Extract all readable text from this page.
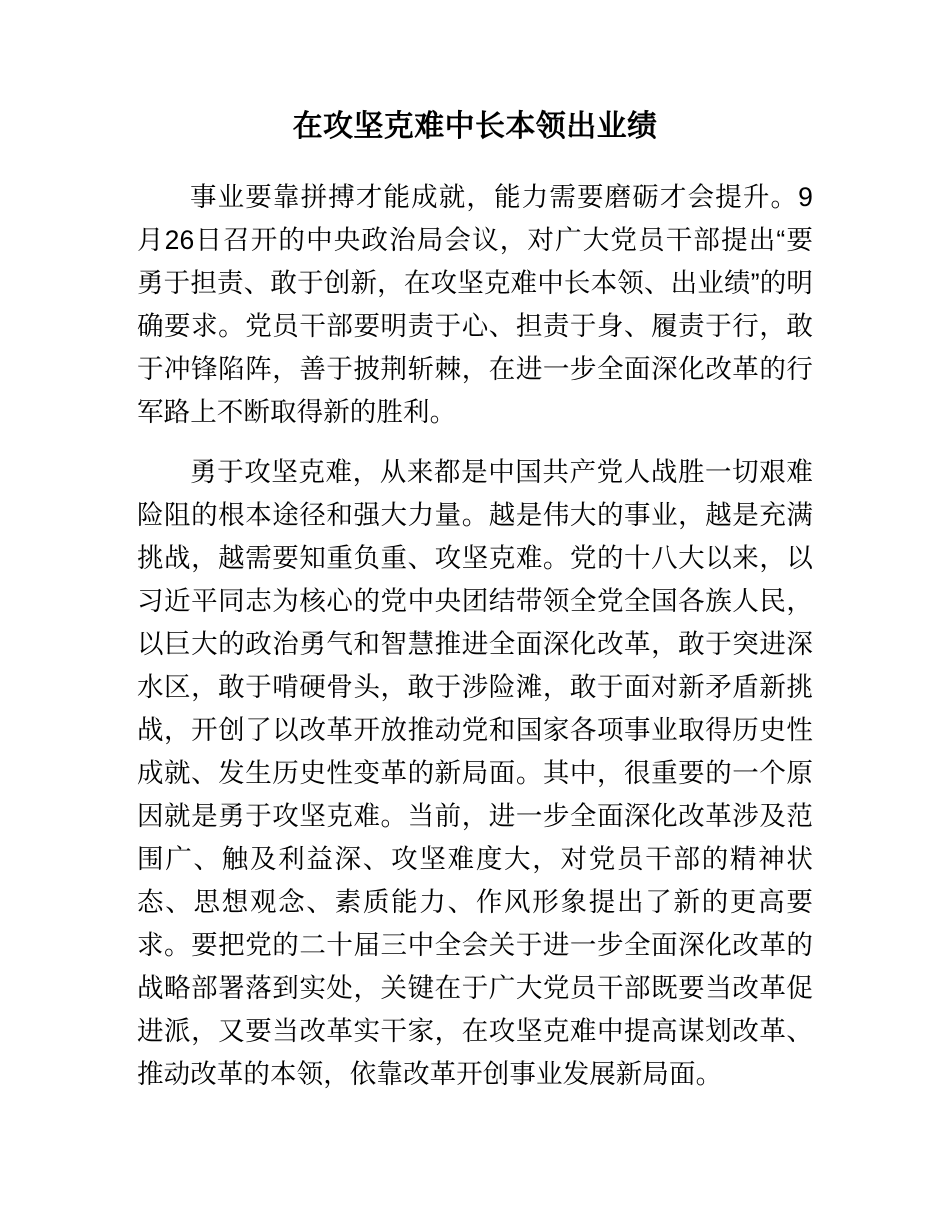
在攻坚克难中长本领出业绩

事业要靠拼搏才能成就，能力需要磨砺才会提升。9月26日召开的中央政治局会议，对广大党员干部提出“要勇于担责、敢于创新，在攻坚克难中长本领、出业绩”的明确要求。党员干部要明责于心、担责于身、履责于行，敢于冲锋陷阵，善于披荆斩棘，在进一步全面深化改革的行军路上不断取得新的胜利。

勇于攻坚克难，从来都是中国共产党人战胜一切艰难险阻的根本途径和强大力量。越是伟大的事业，越是充满挑战，越需要知重负重、攻坚克难。党的十八大以来，以习近平同志为核心的党中央团结带领全党全国各族人民，以巨大的政治勇气和智慧推进全面深化改革，敢于突进深水区，敢于啃硬骨头，敢于涉险滩，敢于面对新矛盾新挑战，开创了以改革开放推动党和国家各项事业取得历史性成就、发生历史性变革的新局面。其中，很重要的一个原因就是勇于攻坚克难。当前，进一步全面深化改革涉及范围广、触及利益深、攻坚难度大，对党员干部的精神状态、思想观念、素质能力、作风形象提出了新的更高要求。要把党的二十届三中全会关于进一步全面深化改革的战略部署落到实处，关键在于广大党员干部既要当改革促进派，又要当改革实干家，在攻坚克难中提高谋划改革、推动改革的本领，依靠改革开创事业发展新局面。
